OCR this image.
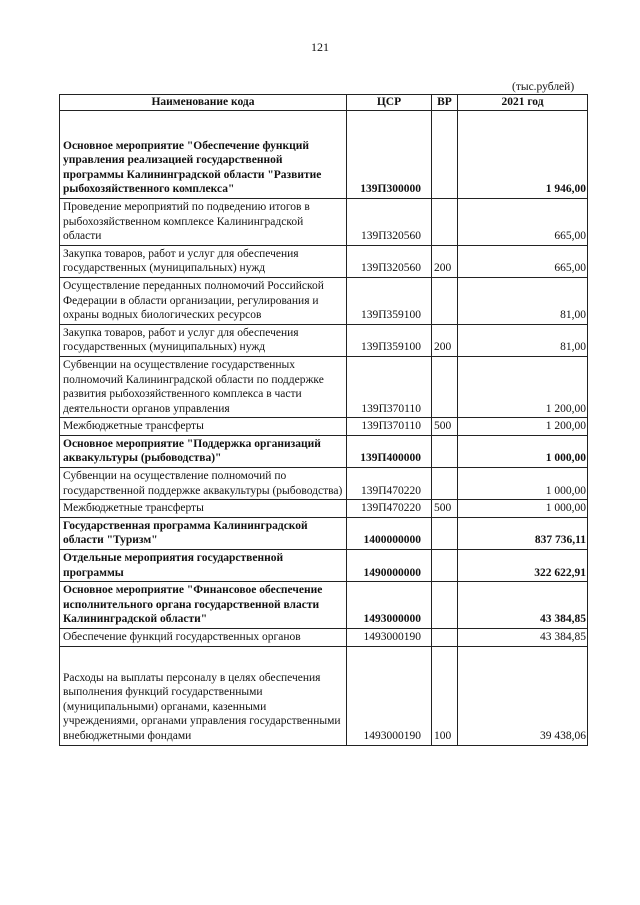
121
(тыс.рублей)
Наименование кода	ЦСР	ВР	2021 год
Основное мероприятие "Обеспечение функций управления реализацией государственной программы Калининградской области "Развитие рыбохозяйственного комплекса"	139П300000		1 946,00
Проведение мероприятий по подведению итогов в рыбохозяйственном комплексе Калининградской области	139П320560		665,00
Закупка товаров, работ и услуг для обеспечения государственных (муниципальных) нужд	139П320560	200	665,00
Осуществление переданных полномочий Российской Федерации в области организации, регулирования и охраны водных биологических ресурсов	139П359100		81,00
Закупка товаров, работ и услуг для обеспечения государственных (муниципальных) нужд	139П359100	200	81,00
Субвенции на осуществление государственных полномочий Калининградской области по поддержке развития рыбохозяйственного комплекса в части деятельности органов управления	139П370110		1 200,00
Межбюджетные трансферты	139П370110	500	1 200,00
Основное мероприятие "Поддержка организаций аквакультуры (рыбоводства)"	139П400000		1 000,00
Субвенции на осуществление полномочий по государственной поддержке аквакультуры (рыбоводства)	139П470220		1 000,00
Межбюджетные трансферты	139П470220	500	1 000,00
Государственная программа Калининградской области "Туризм"	1400000000		837 736,11
Отдельные мероприятия государственной программы	1490000000		322 622,91
Основное мероприятие "Финансовое обеспечение исполнительного органа государственной власти Калининградской области"	1493000000		43 384,85
Обеспечение функций государственных органов	1493000190		43 384,85
Расходы на выплаты персоналу в целях обеспечения выполнения функций государственными (муниципальными) органами, казенными учреждениями, органами управления государственными внебюджетными фондами	1493000190	100	39 438,06
